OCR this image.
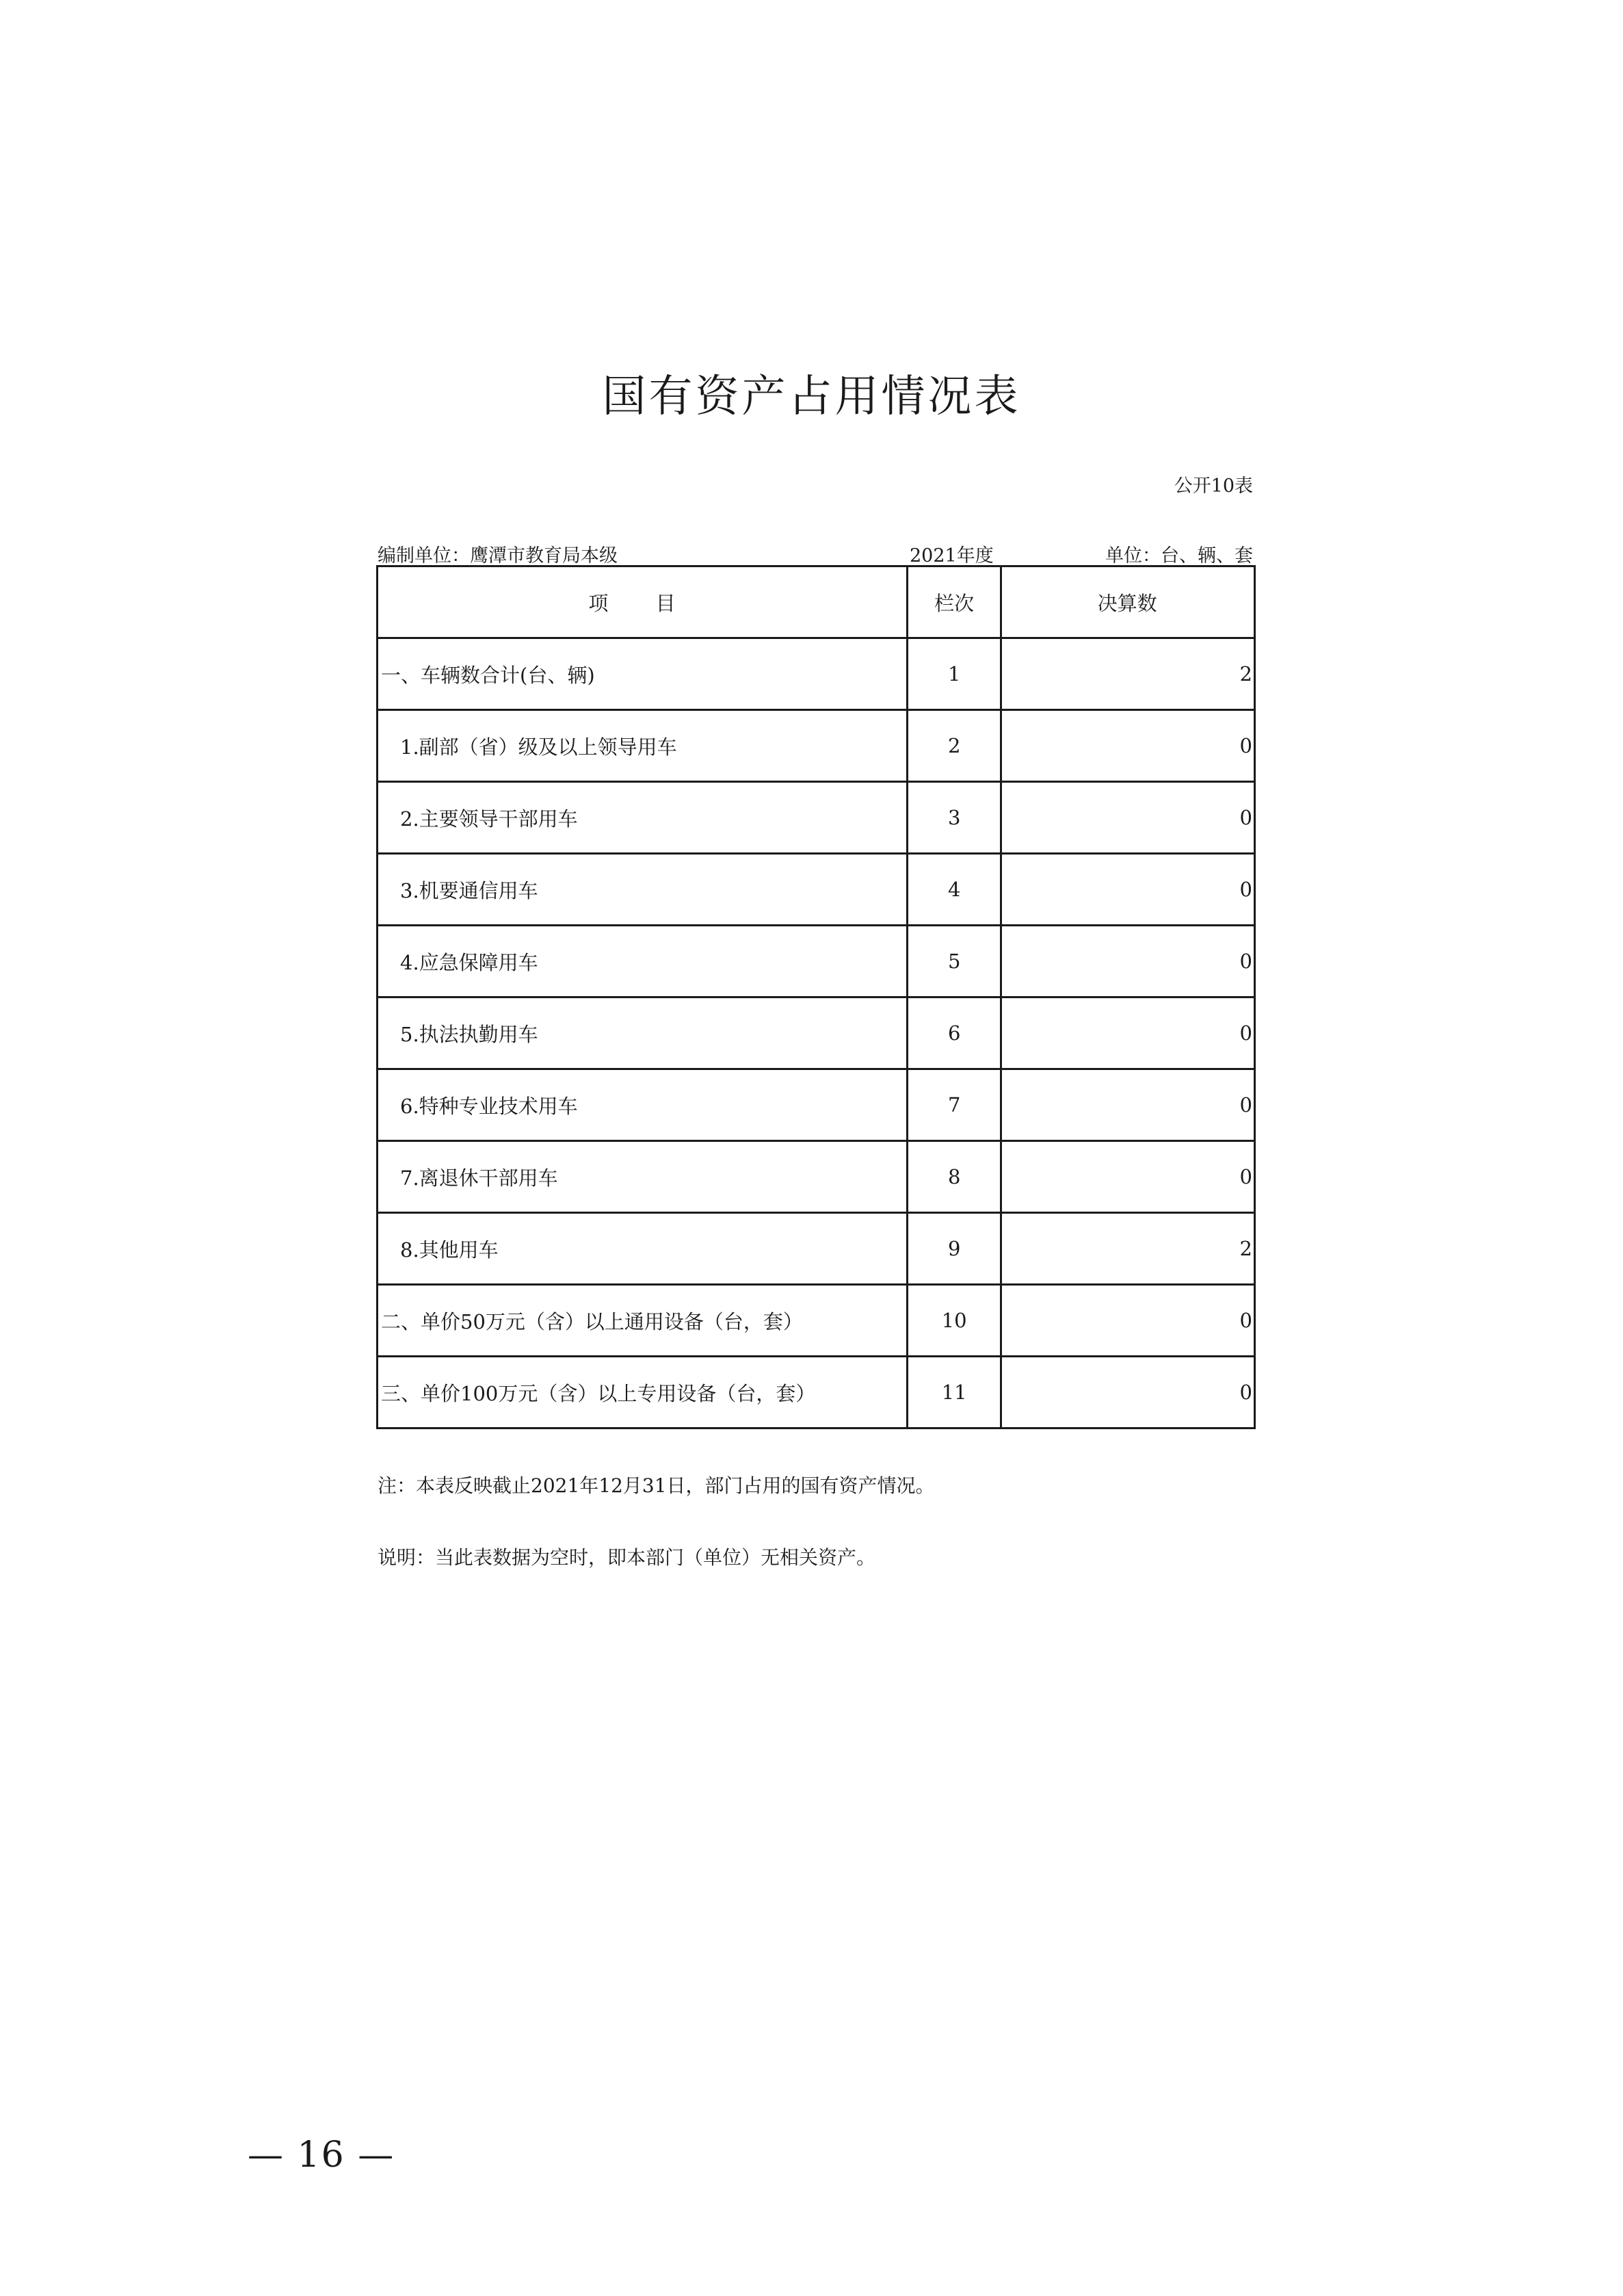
国有资产占用情况表
公开10表
编制单位：鹰潭市教育局本级	2021年度	单位：台、辆、套
项 目	栏次	决算数
一、车辆数合计(台、辆)	1	2
1.副部（省）级及以上领导用车	2	0
2.主要领导干部用车	3	0
3.机要通信用车	4	0
4.应急保障用车	5	0
5.执法执勤用车	6	0
6.特种专业技术用车	7	0
7.离退休干部用车	8	0
8.其他用车	9	2
二、单价50万元（含）以上通用设备（台，套）	10	0
三、单价100万元（含）以上专用设备（台，套）	11	0
注：本表反映截止2021年12月31日，部门占用的国有资产情况。
说明：当此表数据为空时，即本部门（单位）无相关资产。
— 16 —
